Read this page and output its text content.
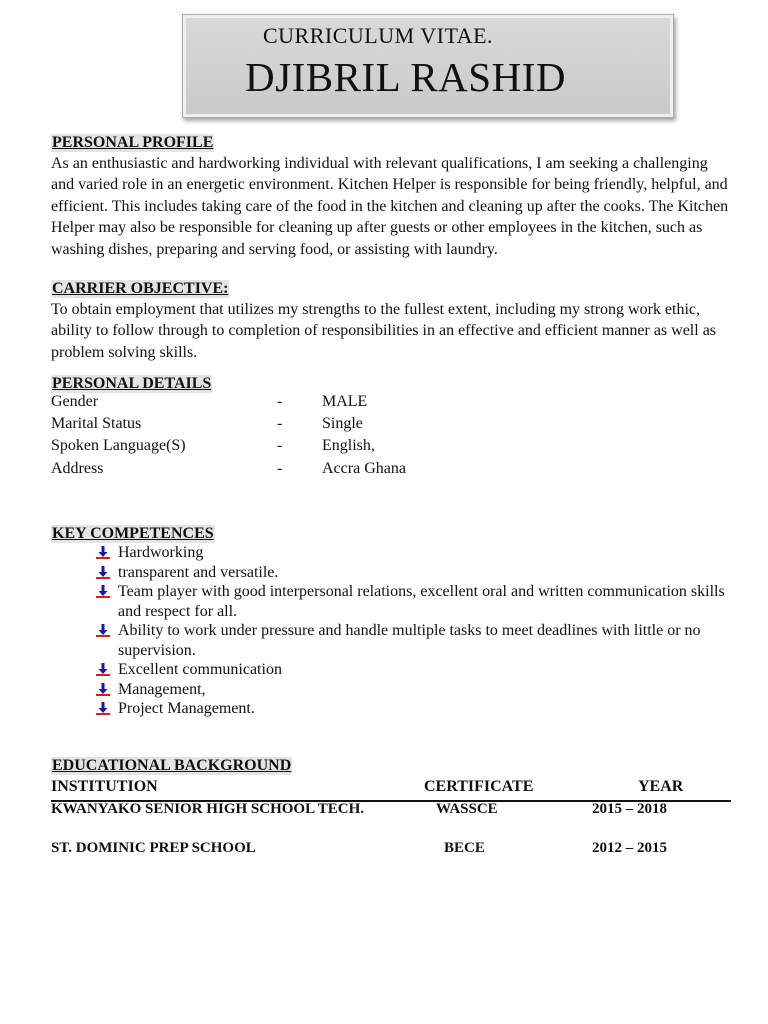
CURRICULUM VITAE.
DJIBRIL RASHID
PERSONAL PROFILE
As an enthusiastic and hardworking individual with relevant qualifications, I am seeking a challenging and varied role in an energetic environment. Kitchen Helper is responsible for being friendly, helpful, and efficient. This includes taking care of the food in the kitchen and cleaning up after the cooks. The Kitchen Helper may also be responsible for cleaning up after guests or other employees in the kitchen, such as washing dishes, preparing and serving food, or assisting with laundry.
CARRIER OBJECTIVE:
To obtain employment that utilizes my strengths to the fullest extent, including my strong work ethic, ability to follow through to completion of responsibilities in an effective and efficient manner as well as problem solving skills.
PERSONAL DETAILS
Gender	- MALE
Marital Status	- Single
Spoken Language(S)	- English,
Address	- Accra Ghana
KEY COMPETENCES
Hardworking
transparent and versatile.
Team player with good interpersonal relations, excellent oral and written communication skills and respect for all.
Ability to work under pressure and handle multiple tasks to meet deadlines with little or no supervision.
Excellent communication
Management,
Project Management.
EDUCATIONAL BACKGROUND
INSTITUTION	CERTIFICATE	YEAR
KWANYAKO SENIOR HIGH SCHOOL TECH.	WASSCE	2015 – 2018
ST. DOMINIC PREP SCHOOL	BECE	2012 – 2015
